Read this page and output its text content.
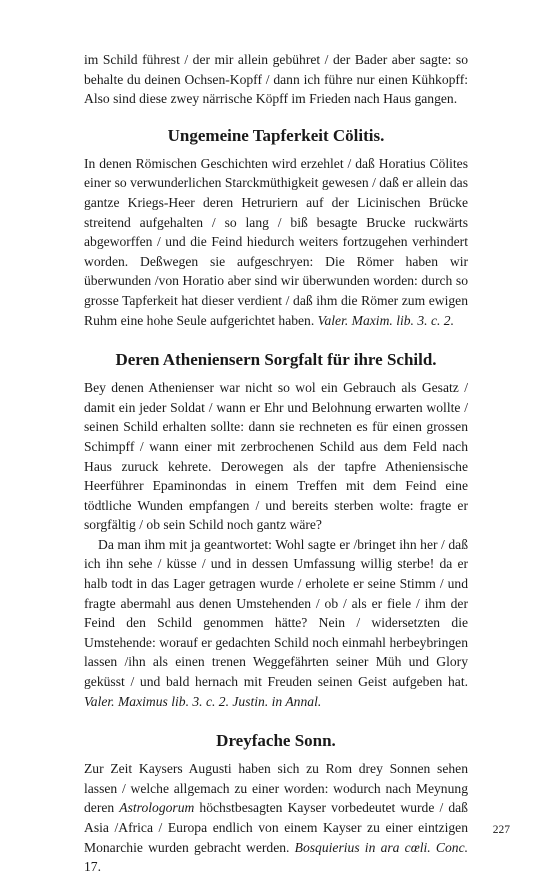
im Schild führest / der mir allein gebühret / der Bader aber sagte: so behalte du deinen Ochsen-Kopff / dann ich führe nur einen Kühkopff: Also sind diese zwey närrische Köpff im Frieden nach Haus gangen.

Ungemeine Tapferkeit Cölitis.

In denen Römischen Geschichten wird erzehlet / daß Horatius Cölites einer so verwunderlichen Starckmüthigkeit gewesen / daß er allein das gantze Kriegs-Heer deren Hetruriern auf der Licinischen Brücke streitend aufgehalten / so lang / biß besagte Brucke ruckwärts abgeworffen / und die Feind hiedurch weiters fortzugehen verhindert worden. Deßwegen sie aufgeschryen: Die Römer haben wir überwunden /von Horatio aber sind wir überwunden worden: durch so grosse Tapferkeit hat dieser verdient / daß ihm die Römer zum ewigen Ruhm eine hohe Seule aufgerichtet haben. Valer. Maxim. lib. 3. c. 2.

Deren Atheniensern Sorgfalt für ihre Schild.

Bey denen Athenienser war nicht so wol ein Gebrauch als Gesatz / damit ein jeder Soldat / wann er Ehr und Belohnung erwarten wollte / seinen Schild erhalten sollte: dann sie rechneten es für einen grossen Schimpff / wann einer mit zerbrochenen Schild aus dem Feld nach Haus zuruck kehrete. Derowegen als der tapfre Atheniensische Heerführer Epaminondas in einem Treffen mit dem Feind eine tödtliche Wunden empfangen / und bereits sterben wolte: fragte er sorgfältig / ob sein Schild noch gantz wäre?

Da man ihm mit ja geantwortet: Wohl sagte er /bringet ihn her / daß ich ihn sehe / küsse / und in dessen Umfassung willig sterbe! da er halb todt in das Lager getragen wurde / erholete er seine Stimm / und fragte abermahl aus denen Umstehenden / ob / als er fiele / ihm der Feind den Schild genommen hätte? Nein / widersetzten die Umstehende: worauf er gedachten Schild noch einmahl herbeybringen lassen /ihn als einen trenen Weggefährten seiner Müh und Glory geküsst / und bald hernach mit Freuden seinen Geist aufgeben hat. Valer. Maximus lib. 3. c. 2. Justin. in Annal.

Dreyfache Sonn.

Zur Zeit Kaysers Augusti haben sich zu Rom drey Sonnen sehen lassen / welche allgemach zu einer worden: wodurch nach Meynung deren Astrologorum höchstbesagten Kayser vorbedeutet wurde / daß Asia /Africa / Europa endlich von einem Kayser zu einer eintzigen Monarchie wurden gebracht werden. Bosquierius in ara cœli. Conc. 17.

227
